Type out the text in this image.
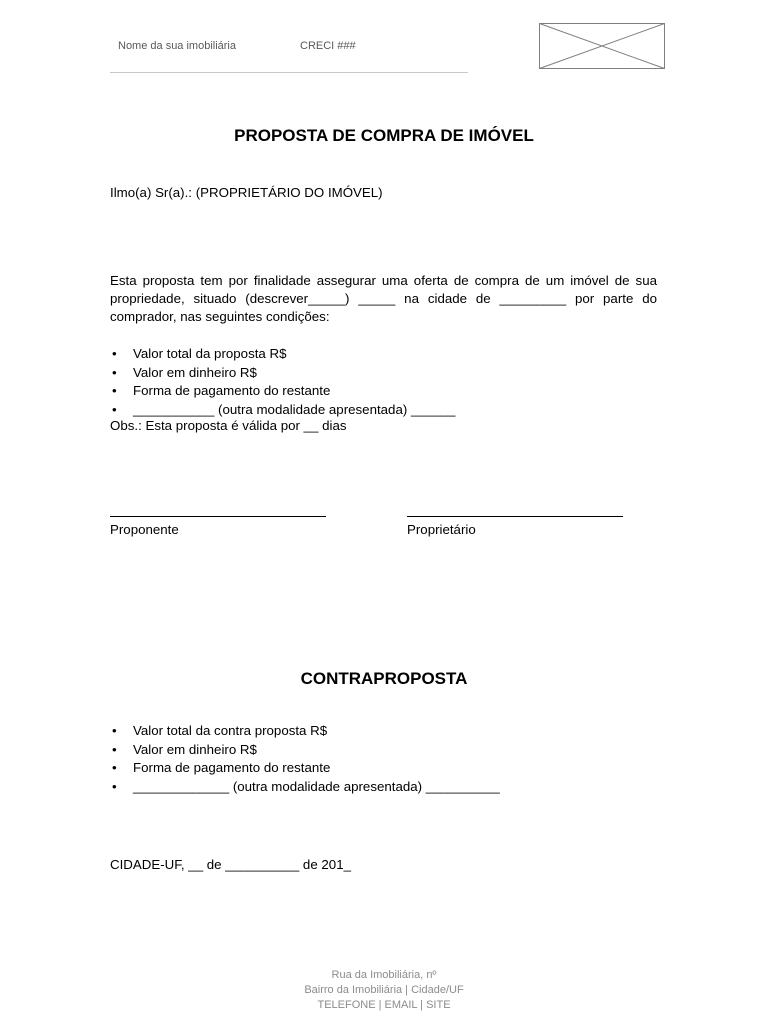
Nome da sua imobiliária	CRECI ###
PROPOSTA DE COMPRA DE IMÓVEL
Ilmo(a) Sr(a).: (PROPRIETÁRIO DO IMÓVEL)
Esta proposta tem por finalidade assegurar uma oferta de compra de um imóvel de sua propriedade, situado (descrever_____) _____ na cidade de _________ por parte do comprador, nas seguintes condições:
• Valor total da proposta R$
• Valor em dinheiro R$
• Forma de pagamento do restante
• ___________ (outra modalidade apresentada) ______
Obs.: Esta proposta é válida por __ dias
Proponente	Proprietário
CONTRAPROPOSTA
• Valor total da contra proposta R$
• Valor em dinheiro R$
• Forma de pagamento do restante
• _____________ (outra modalidade apresentada) __________
CIDADE-UF, __ de __________ de 201_
Rua da Imobiliária, nº
Bairro da Imobiliária | Cidade/UF
TELEFONE | EMAIL | SITE
